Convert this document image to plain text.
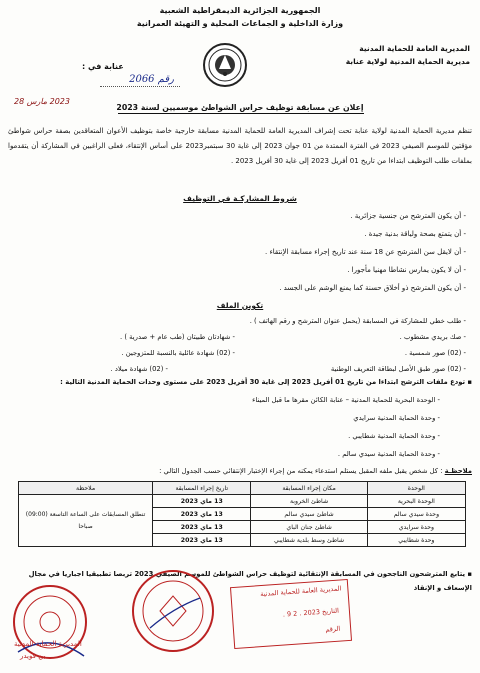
الجمهورية الجزائرية الديمقراطية الشعبية
وزارة الداخلية و الجماعات المحلية و التهيئة العمرانية
المديرية العامة للحماية المدنية
مديرية الحماية المدنية لولاية عنابة
رقم 2066
عنابة في :
2023 مارس 28
إعلان عن مسابقة توظيف حراس الشواطئ موسميين لسنة 2023
تنظم مديرية الحماية المدنية لولاية عنابة تحت إشراف المديرية العامة للحماية المدنية مسابقة خارجية خاصة بتوظيف الأعوان المتعاقدين بصفة حراس شواطئ مؤقتين للموسم الصيفي 2023 في الفترة الممتدة من 01 جوان 2023 إلى غاية 30 سبتمبر2023 على أساس الإنتقاء، فعلى الراغبين في المشاركة أن يتقدموا بملفات طلب التوظيف ابتداءا من تاريخ 01 أفريل 2023 إلى غاية 30 أفريل 2023 .
شروط المشاركـة في التوظيف
- أن يكون المترشح من جنسية جزائرية .
- أن يتمتع بصحة ولياقة بدنية جيدة .
- أن لايقل سن المترشح عن 18 سنة عند تاريخ إجراء مسابقة الإنتقاء .
- أن لا يكون يمارس نشاطا مهنيا مأجورا .
- أن يكون المترشح ذو أخلاق حسنة كما يمنع الوشم على الجسد .
تكوين الملف
- طلب خطي للمشاركة في المسابقة (يحمل عنوان المترشح و رقم الهاتف ) .
- صك بريدي مشطوب .
- (02) صور شمسية .
- (02) صور طبق الأصل لبطاقة التعريف الوطنية
- شهادتان طبيتان (طب عام + صدرية ) .
- (02) شهادة عائلية بالنسبة للمتزوجين .
- (02) شهادة ميلاد .
▪ تودع ملفات الترشح ابتداءا من تاريخ 01 أفريل 2023 إلى غاية 30 أفريل 2023 على مستوى وحدات الحماية المدنية التالية :
- الوحدة البحرية للحماية المدنية – عنابة الكائن مقرها ما قبل الميناء
- وحدة الحماية المدنية سرايدي
- وحدة الحماية المدنية شطايبي .
- وحدة الحماية المدنية سيدي سالم .
ملاحظـة : كل شخص يقبل ملفه المقبل يستلم استدعاء يمكنه من إجراء الإختبار الإنتقائي حسب الجدول التالي :
الوحدة	مكان إجراء المسابقة	تاريخ إجراء المسابقة	ملاحظة
الوحدة البحرية	شاطئ الخروبة	13 ماي 2023	تنطلق المسابقات على الساعة التاسعة (09:00) صباحا
وحدة سيدي سالم	شاطئ سيدي سالم	13 ماي 2023	
وحدة سرايدي	شاطئ جنان الباي	13 ماي 2023	
وحدة شطايبي	شاطئ وسط بلدية شطايبي	13 ماي 2023	
▪ يتابع المترشحون الناجحون في المسابقة الإنتقائية لتوظيف حراس الشواطئ للموسم الصيفي 2023 تربصا تطبيقيا اجباريا في مجال الإسعاف و الإنقاذ
المديرية الحماية المدنية
بن قويدر
المديرية العامة للحماية المدنية
التاريخ 2023 . 2 9 .
الرقم
